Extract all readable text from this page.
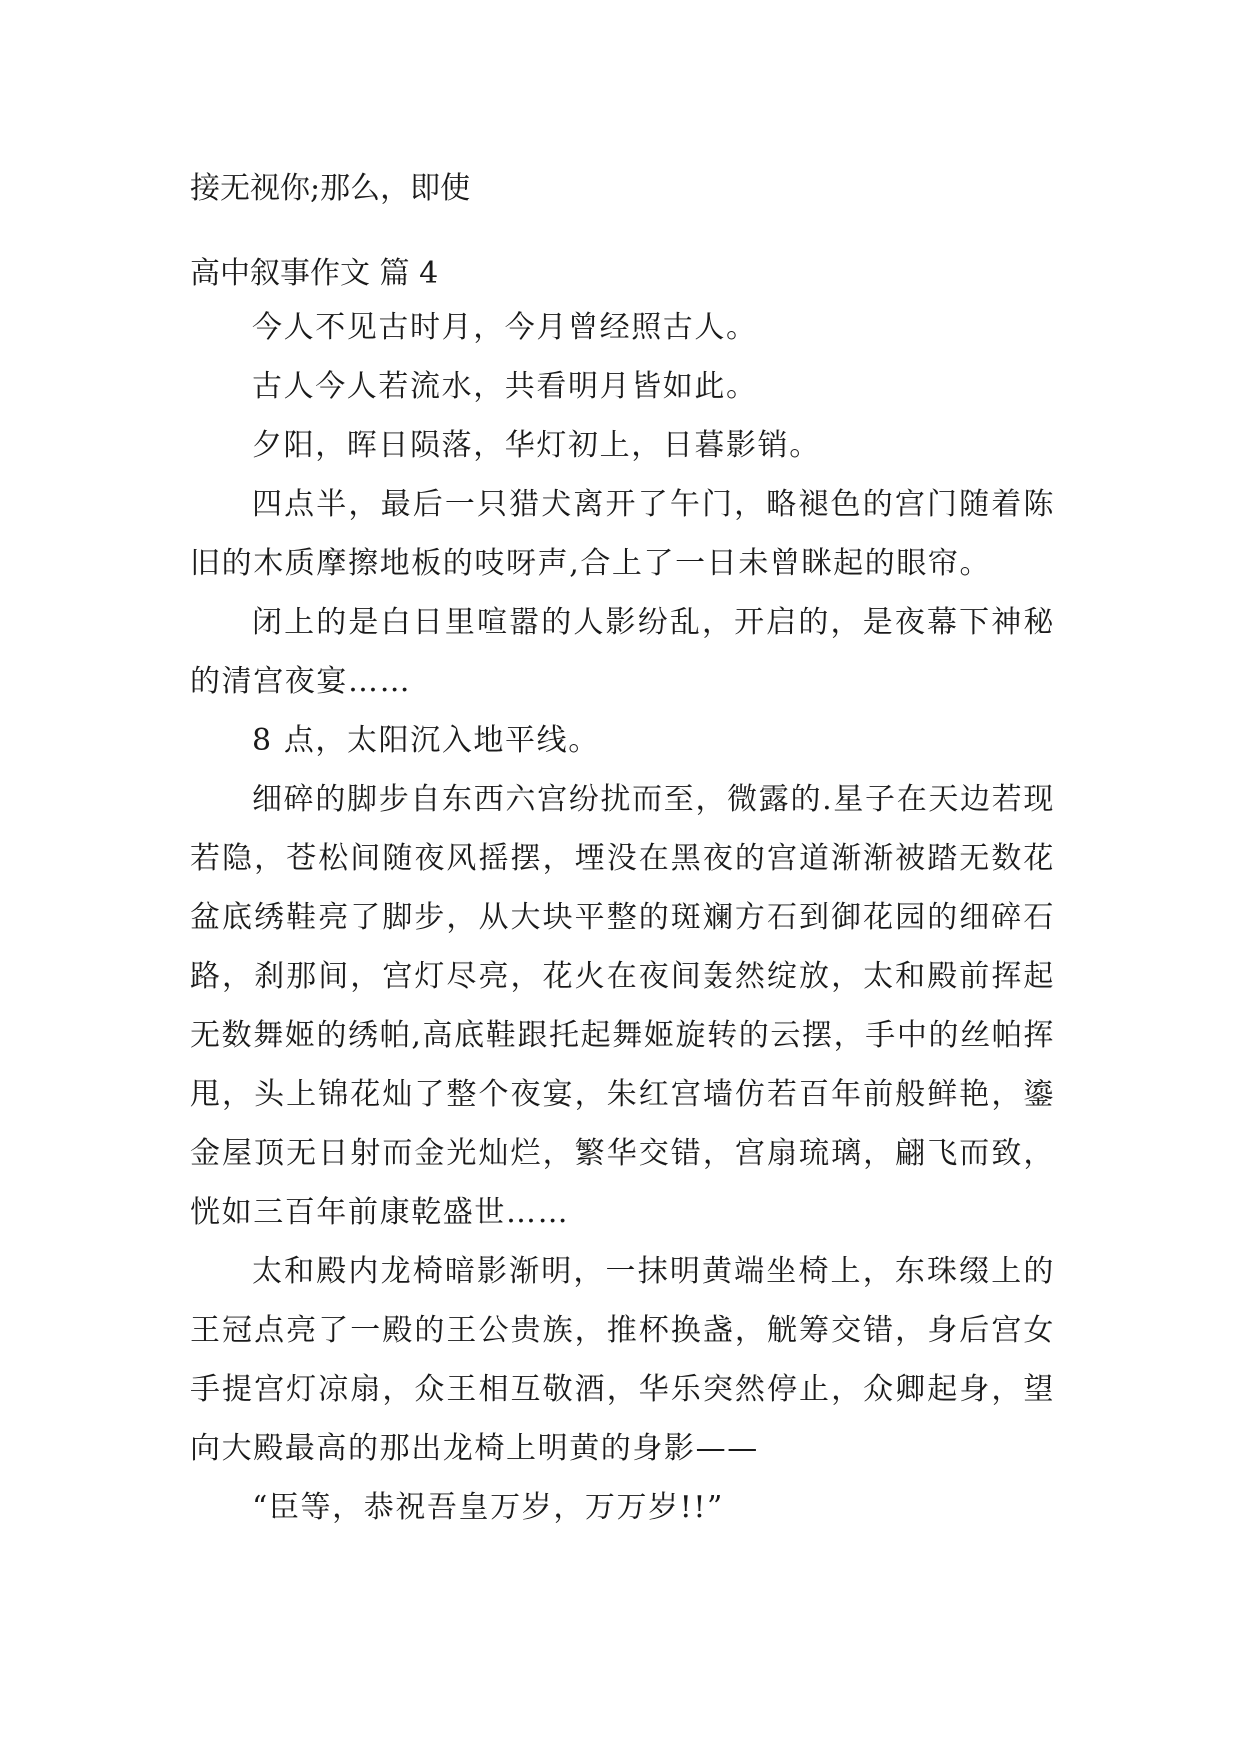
接无视你;那么，即使

高中叙事作文 篇 4

今人不见古时月，今月曾经照古人。

古人今人若流水，共看明月皆如此。

夕阳，晖日陨落，华灯初上，日暮影销。

四点半，最后一只猎犬离开了午门，略褪色的宫门随着陈旧的木质摩擦地板的吱呀声,合上了一日未曾眯起的眼帘。

闭上的是白日里喧嚣的人影纷乱，开启的，是夜幕下神秘的清宫夜宴……

8 点，太阳沉入地平线。

细碎的脚步自东西六宫纷扰而至，微露的.星子在天边若现若隐，苍松间随夜风摇摆，堙没在黑夜的宫道渐渐被踏无数花盆底绣鞋亮了脚步，从大块平整的斑斓方石到御花园的细碎石路，刹那间，宫灯尽亮，花火在夜间轰然绽放，太和殿前挥起无数舞姬的绣帕,高底鞋跟托起舞姬旋转的云摆，手中的丝帕挥甩，头上锦花灿了整个夜宴，朱红宫墙仿若百年前般鲜艳，鎏金屋顶无日射而金光灿烂，繁华交错，宫扇琉璃，翩飞而致，恍如三百年前康乾盛世……

太和殿内龙椅暗影渐明，一抹明黄端坐椅上，东珠缀上的王冠点亮了一殿的王公贵族，推杯换盏，觥筹交错，身后宫女手提宫灯凉扇，众王相互敬酒，华乐突然停止，众卿起身，望向大殿最高的那出龙椅上明黄的身影——

“臣等，恭祝吾皇万岁，万万岁!!”
